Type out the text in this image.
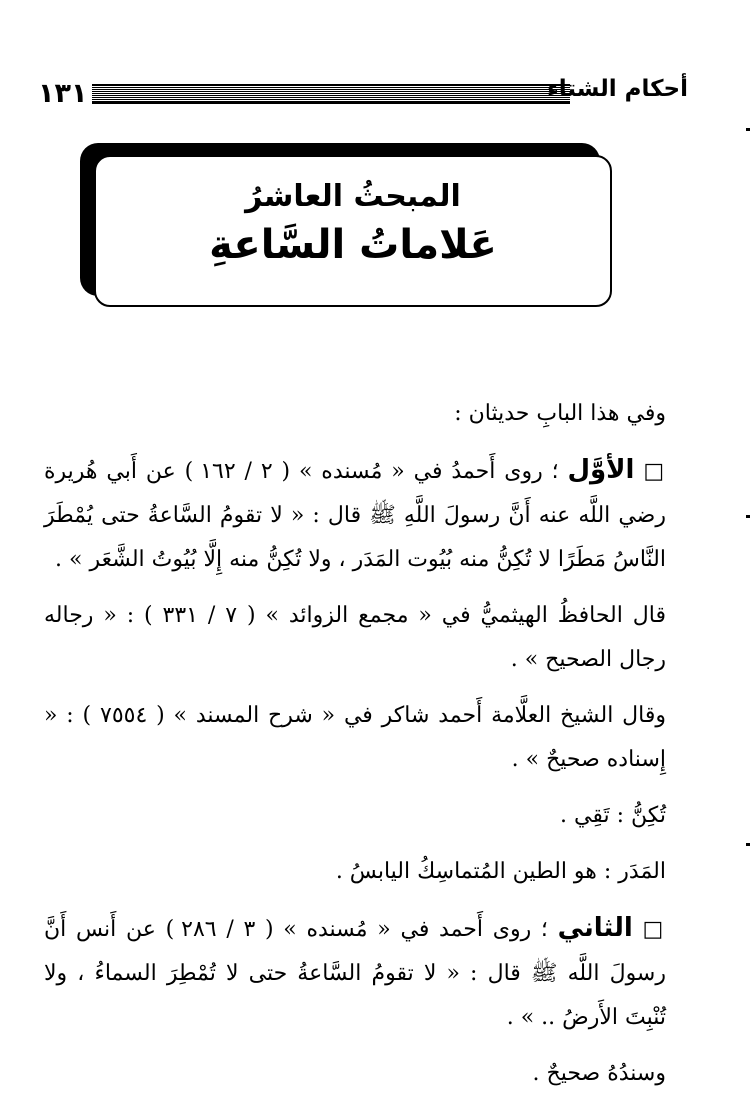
١٣١	أحكام الشتاء
المبحثُ العاشرُ
عَلاماتُ السَّاعةِ

وفي هذا البابِ حديثان :

□ الأوَّل ؛ روى أَحمدُ في « مُسنده » ( ٢ / ١٦٢ ) عن أَبي هُريرة رضي اللَّه عنه أَنَّ رسولَ اللَّهِ ﷺ قال : « لا تقومُ السَّاعةُ حتى يُمْطَرَ النَّاسُ مَطَرًا لا تُكِنُّ منه بُيُوت المَدَر ، ولا تُكِنُّ منه إِلَّا بُيُوتُ الشَّعَر » .

قال الحافظُ الهيثميُّ في « مجمع الزوائد » ( ٧ / ٣٣١ ) : « رجاله رجال الصحيح » .

وقال الشيخ العلَّامة أَحمد شاكر في « شرح المسند » ( ٧٥٥٤ ) : « إِسناده صحيحٌ » .

تُكِنُّ : تَقِي .

المَدَر : هو الطين المُتماسِكُ اليابسُ .

□ الثاني ؛ روى أَحمد في « مُسنده » ( ٣ / ٢٨٦ ) عن أَنس أَنَّ رسولَ اللَّه ﷺ قال : « لا تقومُ السَّاعةُ حتى لا تُمْطِرَ السماءُ ، ولا تُنْبِتَ الأَرضُ .. » .

وسندُهُ صحيحٌ .
